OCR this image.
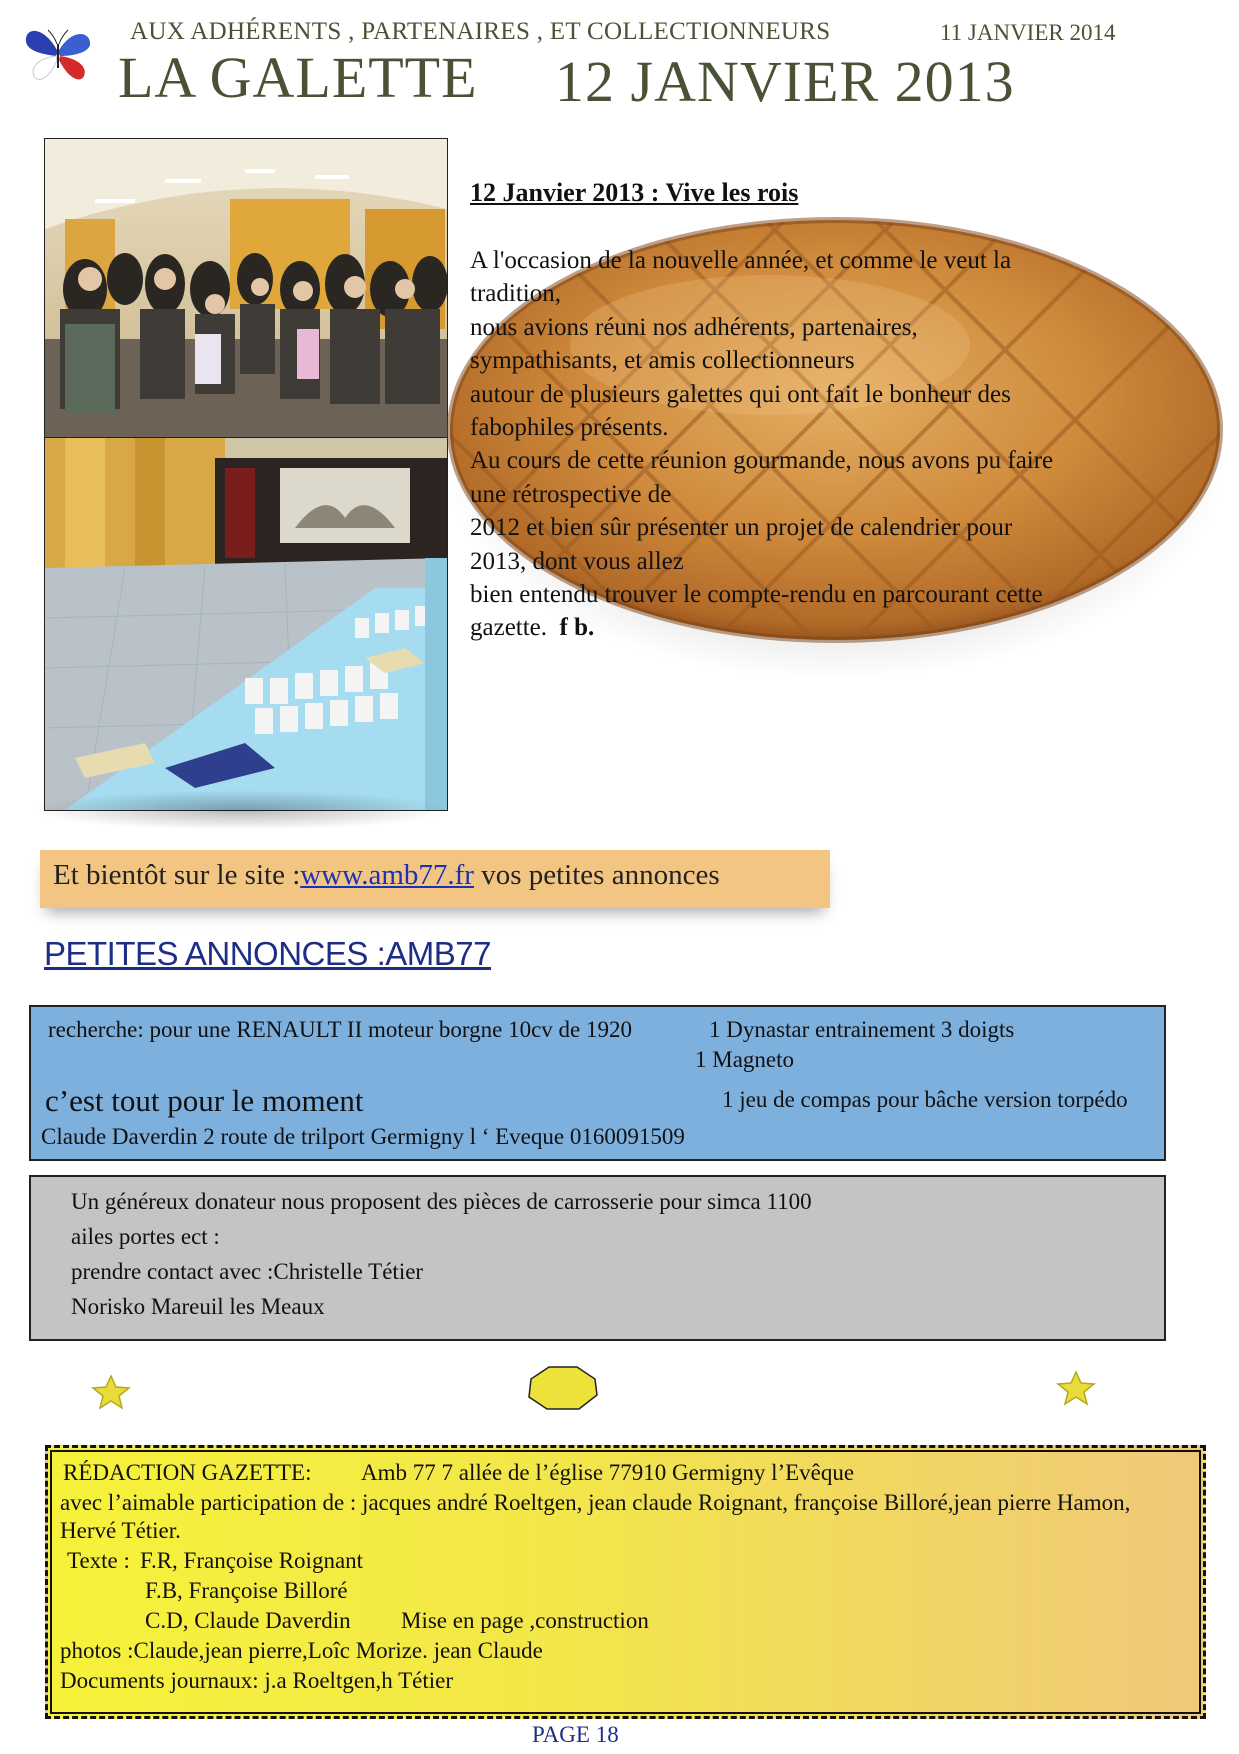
AUX ADHÉRENTS , PARTENAIRES , ET COLLECTIONNEURS	11 JANVIER 2014
LA GALETTE 12 JANVIER 2013
12 Janvier 2013 : Vive les rois
A l'occasion de la nouvelle année, et comme le veut la
tradition,
nous avions réuni nos adhérents, partenaires,
sympathisants, et amis collectionneurs
autour de plusieurs galettes qui ont fait le bonheur des
fabophiles présents.
Au cours de cette réunion gourmande, nous avons pu faire
une rétrospective de
2012 et bien sûr présenter un projet de calendrier pour
2013, dont vous allez
bien entendu trouver le compte-rendu en parcourant cette
gazette. f b.
Et bientôt sur le site :www.amb77.fr vos petites annonces
PETITES ANNONCES :AMB77
recherche: pour une RENAULT II moteur borgne 10cv de 1920	1 Dynastar entrainement 3 doigts
1 Magneto
c’est tout pour le moment	1 jeu de compas pour bâche version torpédo
Claude Daverdin 2 route de trilport Germigny l ‘ Eveque 0160091509
Un généreux donateur nous proposent des pièces de carrosserie pour simca 1100
ailes portes ect :
prendre contact avec :Christelle Tétier
Norisko Mareuil les Meaux
RÉDACTION GAZETTE: Amb 77 7 allée de l’église 77910 Germigny l’Evêque
avec l’aimable participation de : jacques andré Roeltgen, jean claude Roignant, françoise Billoré,jean pierre Hamon,
Hervé Tétier.
Texte : F.R, Françoise Roignant
F.B, Françoise Billoré
C.D, Claude Daverdin Mise en page ,construction
photos :Claude,jean pierre,Loîc Morize. jean Claude
Documents journaux: j.a Roeltgen,h Tétier
PAGE 18
